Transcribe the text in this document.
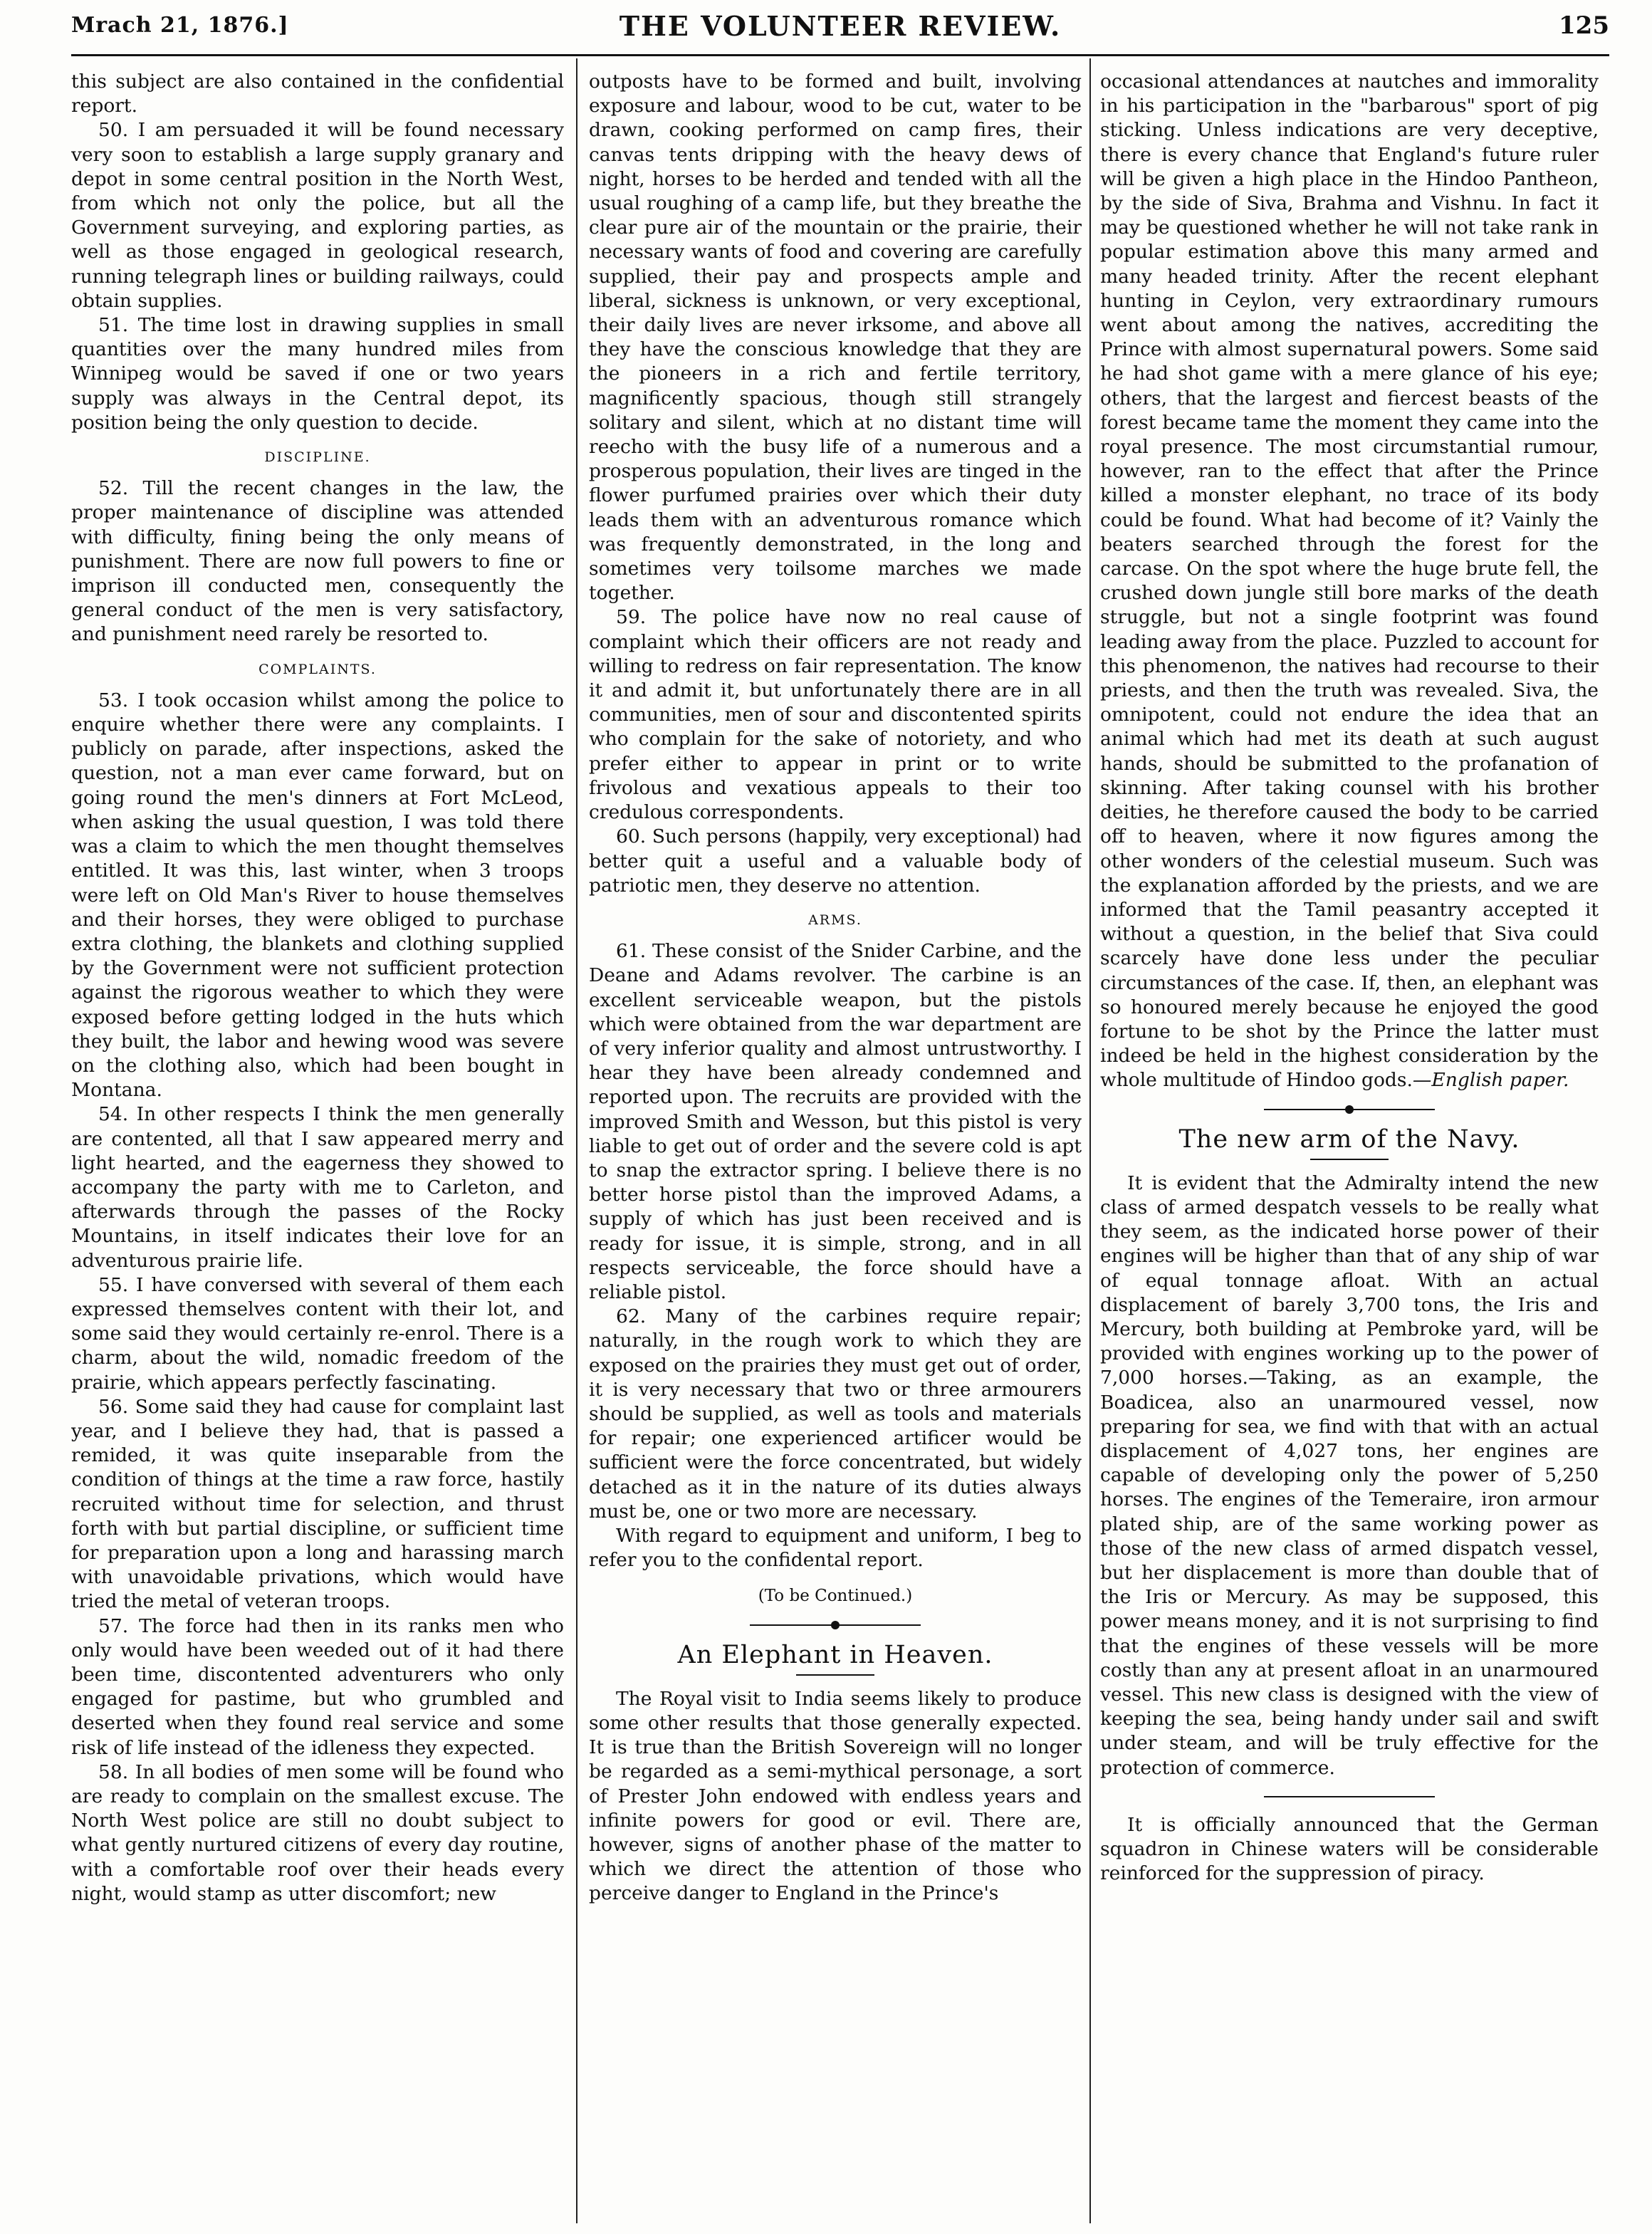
Mrach 21, 1876.]	THE VOLUNTEER REVIEW.	125

this subject are also contained in the confidential report.

50. I am persuaded it will be found necessary very soon to establish a large supply granary and depot in some central position in the North West, from which not only the police, but all the Government surveying, and exploring parties, as well as those engaged in geological research, running telegraph lines or building railways, could obtain supplies.

51. The time lost in drawing supplies in small quantities over the many hundred miles from Winnipeg would be saved if one or two years supply was always in the Central depot, its position being the only question to decide.

DISCIPLINE.

52. Till the recent changes in the law, the proper maintenance of discipline was attended with difficulty, fining being the only means of punishment. There are now full powers to fine or imprison ill conducted men, consequently the general conduct of the men is very satisfactory, and punishment need rarely be resorted to.

COMPLAINTS.

53. I took occasion whilst among the police to enquire whether there were any complaints. I publicly on parade, after inspections, asked the question, not a man ever came forward, but on going round the men's dinners at Fort McLeod, when asking the usual question, I was told there was a claim to which the men thought themselves entitled. It was this, last winter, when 3 troops were left on Old Man's River to house themselves and their horses, they were obliged to purchase extra clothing, the blankets and clothing supplied by the Government were not sufficient protection against the rigorous weather to which they were exposed before getting lodged in the huts which they built, the labor and hewing wood was severe on the clothing also, which had been bought in Montana.

54. In other respects I think the men generally are contented, all that I saw appeared merry and light hearted, and the eagerness they showed to accompany the party with me to Carleton, and afterwards through the passes of the Rocky Mountains, in itself indicates their love for an adventurous prairie life.

55. I have conversed with several of them each expressed themselves content with their lot, and some said they would certainly re-enrol. There is a charm, about the wild, nomadic freedom of the prairie, which appears perfectly fascinating.

56. Some said they had cause for complaint last year, and I believe they had, that is passed a remided, it was quite inseparable from the condition of things at the time a raw force, hastily recruited without time for selection, and thrust forth with but partial discipline, or sufficient time for preparation upon a long and harassing march with unavoidable privations, which would have tried the metal of veteran troops.

57. The force had then in its ranks men who only would have been weeded out of it had there been time, discontented adventurers who only engaged for pastime, but who grumbled and deserted when they found real service and some risk of life instead of the idleness they expected.

58. In all bodies of men some will be found who are ready to complain on the smallest excuse. The North West police are still no doubt subject to what gently nurtured citizens of every day routine, with a comfortable roof over their heads every night, would stamp as utter discomfort; new

outposts have to be formed and built, involving exposure and labour, wood to be cut, water to be drawn, cooking performed on camp fires, their canvas tents dripping with the heavy dews of night, horses to be herded and tended with all the usual roughing of a camp life, but they breathe the clear pure air of the mountain or the prairie, their necessary wants of food and covering are carefully supplied, their pay and prospects ample and liberal, sickness is unknown, or very exceptional, their daily lives are never irksome, and above all they have the conscious knowledge that they are the pioneers in a rich and fertile territory, magnificently spacious, though still strangely solitary and silent, which at no distant time will reecho with the busy life of a numerous and a prosperous population, their lives are tinged in the flower purfumed prairies over which their duty leads them with an adventurous romance which was frequently demonstrated, in the long and sometimes very toilsome marches we made together.

59. The police have now no real cause of complaint which their officers are not ready and willing to redress on fair representation. The know it and admit it, but unfortunately there are in all communities, men of sour and discontented spirits who complain for the sake of notoriety, and who prefer either to appear in print or to write frivolous and vexatious appeals to their too credulous correspondents.

60. Such persons (happily, very exceptional) had better quit a useful and a valuable body of patriotic men, they deserve no attention.

ARMS.

61. These consist of the Snider Carbine, and the Deane and Adams revolver. The carbine is an excellent serviceable weapon, but the pistols which were obtained from the war department are of very inferior quality and almost untrustworthy. I hear they have been already condemned and reported upon. The recruits are provided with the improved Smith and Wesson, but this pistol is very liable to get out of order and the severe cold is apt to snap the extractor spring. I believe there is no better horse pistol than the improved Adams, a supply of which has just been received and is ready for issue, it is simple, strong, and in all respects serviceable, the force should have a reliable pistol.

62. Many of the carbines require repair; naturally, in the rough work to which they are exposed on the prairies they must get out of order, it is very necessary that two or three armourers should be supplied, as well as tools and materials for repair; one experienced artificer would be sufficient were the force concentrated, but widely detached as it in the nature of its duties always must be, one or two more are necessary.

With regard to equipment and uniform, I beg to refer you to the confidental report.

(To be Continued.)
An Elephant in Heaven.

The Royal visit to India seems likely to produce some other results that those generally expected. It is true than the British Sovereign will no longer be regarded as a semi-mythical personage, a sort of Prester John endowed with endless years and infinite powers for good or evil. There are, however, signs of another phase of the matter to which we direct the attention of those who perceive danger to England in the Prince's

occasional attendances at nautches and immorality in his participation in the "barbarous" sport of pig sticking. Unless indications are very deceptive, there is every chance that England's future ruler will be given a high place in the Hindoo Pantheon, by the side of Siva, Brahma and Vishnu. In fact it may be questioned whether he will not take rank in popular estimation above this many armed and many headed trinity. After the recent elephant hunting in Ceylon, very extraordinary rumours went about among the natives, accrediting the Prince with almost supernatural powers. Some said he had shot game with a mere glance of his eye; others, that the largest and fiercest beasts of the forest became tame the moment they came into the royal presence. The most circumstantial rumour, however, ran to the effect that after the Prince killed a monster elephant, no trace of its body could be found. What had become of it? Vainly the beaters searched through the forest for the carcase. On the spot where the huge brute fell, the crushed down jungle still bore marks of the death struggle, but not a single footprint was found leading away from the place. Puzzled to account for this phenomenon, the natives had recourse to their priests, and then the truth was revealed. Siva, the omnipotent, could not endure the idea that an animal which had met its death at such august hands, should be submitted to the profanation of skinning. After taking counsel with his brother deities, he therefore caused the body to be carried off to heaven, where it now figures among the other wonders of the celestial museum. Such was the explanation afforded by the priests, and we are informed that the Tamil peasantry accepted it without a question, in the belief that Siva could scarcely have done less under the peculiar circumstances of the case. If, then, an elephant was so honoured merely because he enjoyed the good fortune to be shot by the Prince the latter must indeed be held in the highest consideration by the whole multitude of Hindoo gods.—English paper.

The new arm of the Navy.

It is evident that the Admiralty intend the new class of armed despatch vessels to be really what they seem, as the indicated horse power of their engines will be higher than that of any ship of war of equal tonnage afloat. With an actual displacement of barely 3,700 tons, the Iris and Mercury, both building at Pembroke yard, will be provided with engines working up to the power of 7,000 horses.—Taking, as an example, the Boadicea, also an unarmoured vessel, now preparing for sea, we find with that with an actual displacement of 4,027 tons, her engines are capable of developing only the power of 5,250 horses. The engines of the Temeraire, iron armour plated ship, are of the same working power as those of the new class of armed dispatch vessel, but her displacement is more than double that of the Iris or Mercury. As may be supposed, this power means money, and it is not surprising to find that the engines of these vessels will be more costly than any at present afloat in an unarmoured vessel. This new class is designed with the view of keeping the sea, being handy under sail and swift under steam, and will be truly effective for the protection of commerce.

It is officially announced that the German squadron in Chinese waters will be considerable reinforced for the suppression of piracy.
